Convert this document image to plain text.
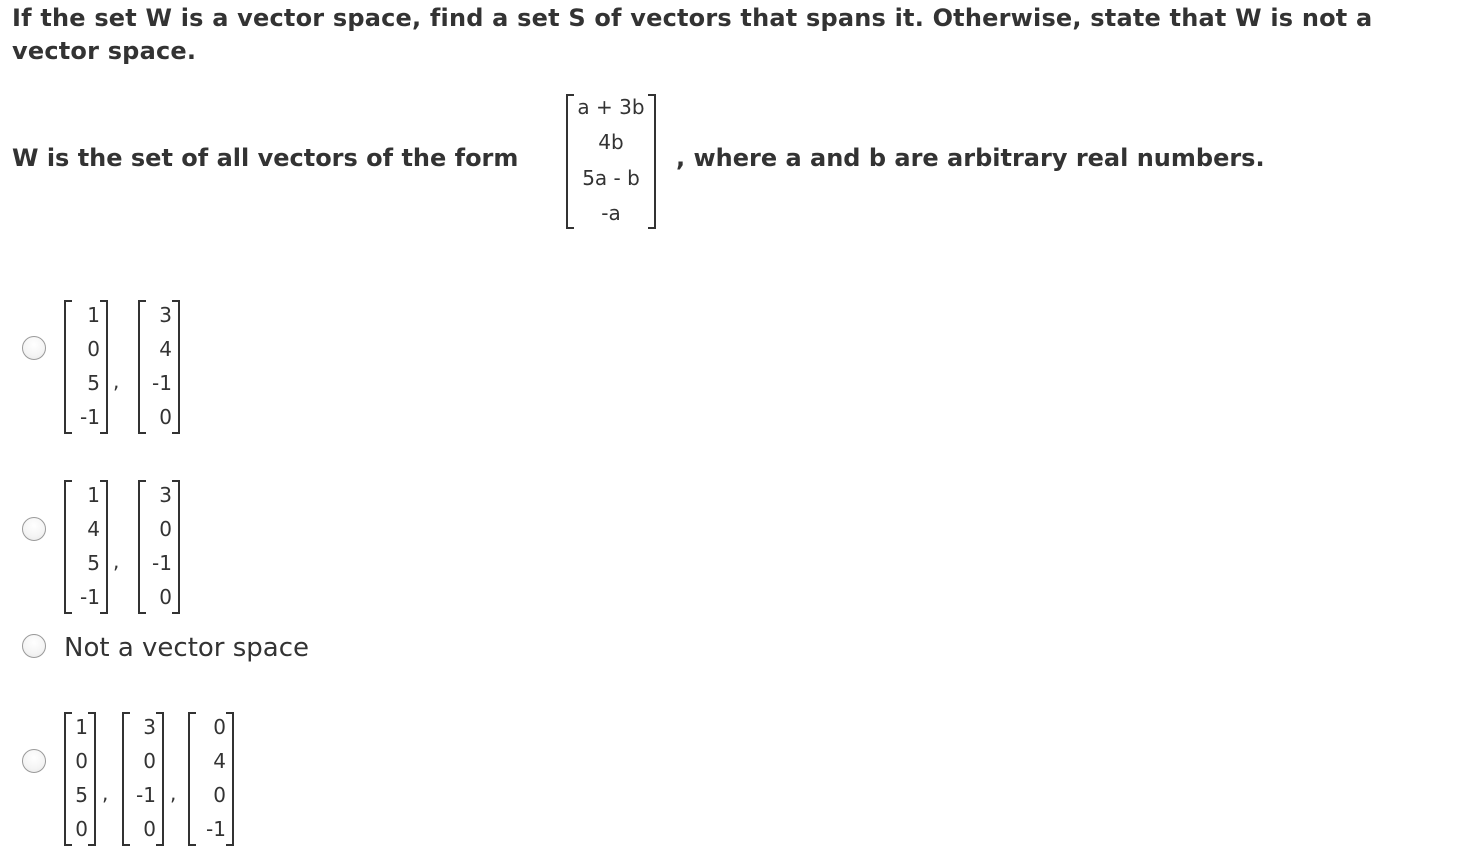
If the set W is a vector space, find a set S of vectors that spans it. Otherwise, state that W is not a vector space.
W is the set of all vectors of the form
a + 3b
4b
5a - b
-a
, where a and b are arbitrary real numbers.
1
0
5
-1
,
3
4
-1
0
1
4
5
-1
,
3
0
-1
0
Not a vector space
1
0
5
0
,
3
0
-1
0
,
0
4
0
-1
